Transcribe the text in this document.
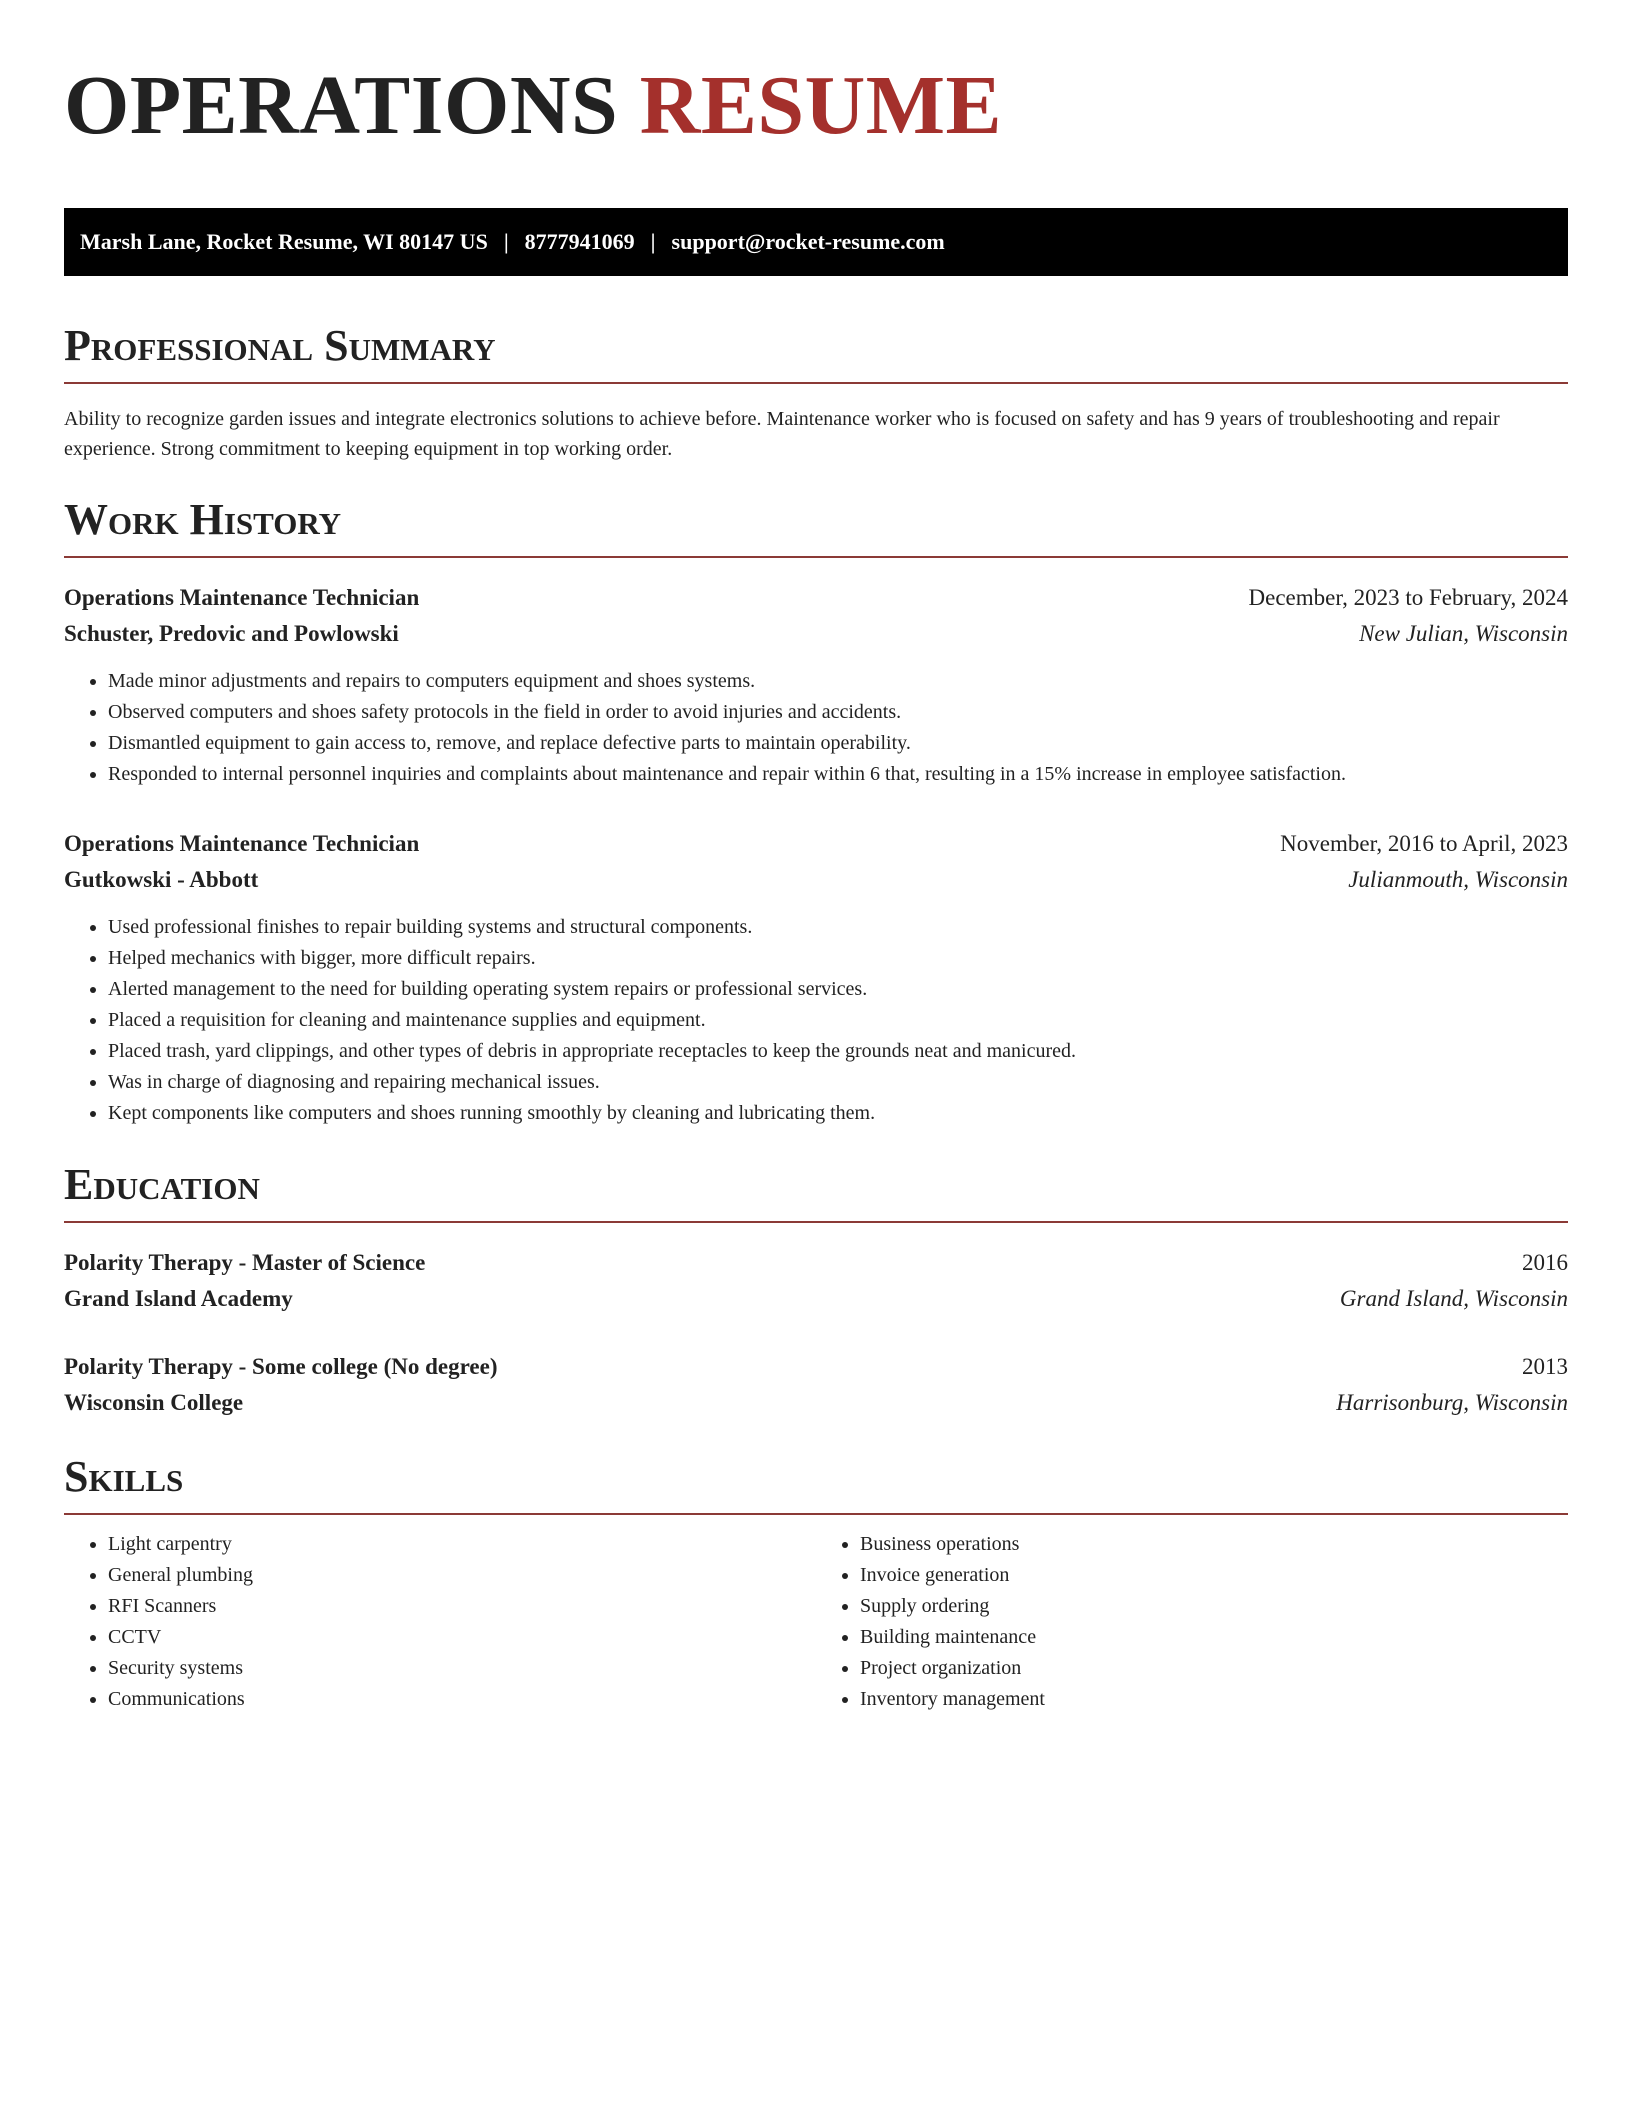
OPERATIONS RESUME
Marsh Lane, Rocket Resume, WI 80147 US | 8777941069 | support@rocket-resume.com
Professional Summary

Ability to recognize garden issues and integrate electronics solutions to achieve before. Maintenance worker who is focused on safety and has 9 years of troubleshooting and repair experience. Strong commitment to keeping equipment in top working order.

Work History
Operations Maintenance Technician	December, 2023 to February, 2024
Schuster, Predovic and Powlowski	New Julian, Wisconsin
• Made minor adjustments and repairs to computers equipment and shoes systems.
• Observed computers and shoes safety protocols in the field in order to avoid injuries and accidents.
• Dismantled equipment to gain access to, remove, and replace defective parts to maintain operability.
• Responded to internal personnel inquiries and complaints about maintenance and repair within 6 that, resulting in a 15% increase in employee satisfaction.
Operations Maintenance Technician	November, 2016 to April, 2023
Gutkowski - Abbott	Julianmouth, Wisconsin
• Used professional finishes to repair building systems and structural components.
• Helped mechanics with bigger, more difficult repairs.
• Alerted management to the need for building operating system repairs or professional services.
• Placed a requisition for cleaning and maintenance supplies and equipment.
• Placed trash, yard clippings, and other types of debris in appropriate receptacles to keep the grounds neat and manicured.
• Was in charge of diagnosing and repairing mechanical issues.
• Kept components like computers and shoes running smoothly by cleaning and lubricating them.
Education
Polarity Therapy - Master of Science	2016
Grand Island Academy	Grand Island, Wisconsin
Polarity Therapy - Some college (No degree)	2013
Wisconsin College	Harrisonburg, Wisconsin
Skills
• Light carpentry
• General plumbing
• RFI Scanners
• CCTV
• Security systems
• Communications
• Business operations
• Invoice generation
• Supply ordering
• Building maintenance
• Project organization
• Inventory management
